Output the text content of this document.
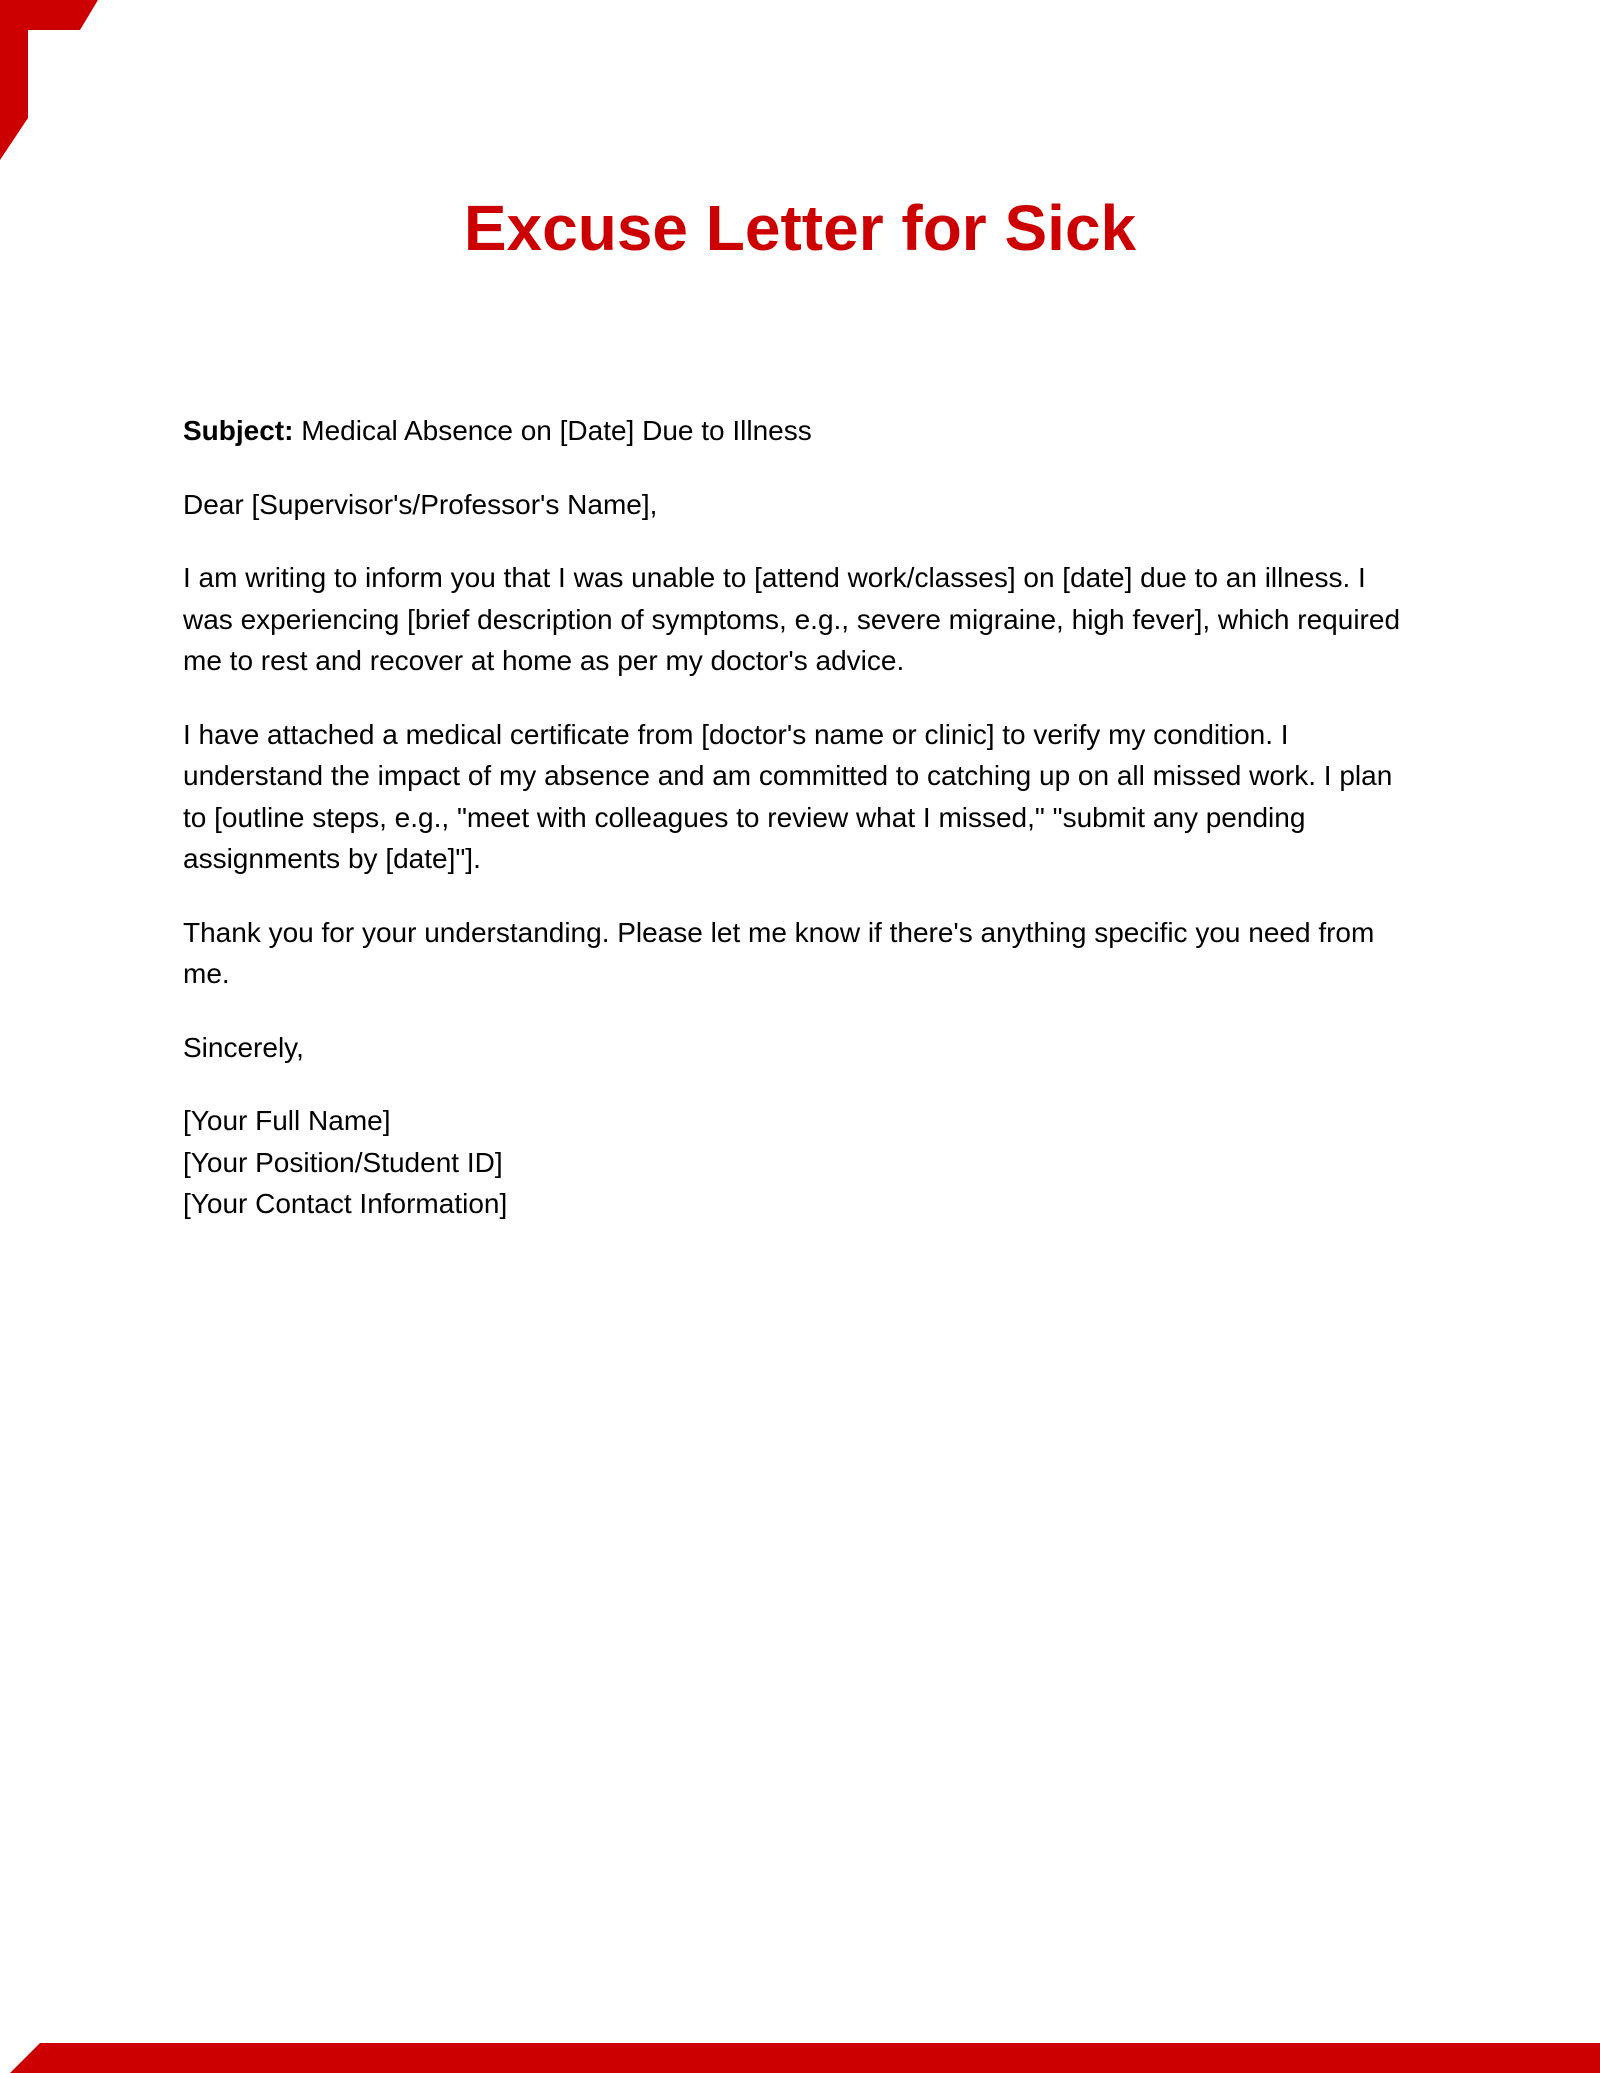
Excuse Letter for Sick

Subject: Medical Absence on [Date] Due to Illness

Dear [Supervisor's/Professor's Name],

I am writing to inform you that I was unable to [attend work/classes] on [date] due to an illness. I was experiencing [brief description of symptoms, e.g., severe migraine, high fever], which required me to rest and recover at home as per my doctor's advice.

I have attached a medical certificate from [doctor's name or clinic] to verify my condition. I understand the impact of my absence and am committed to catching up on all missed work. I plan to [outline steps, e.g., "meet with colleagues to review what I missed," "submit any pending assignments by [date]"].

Thank you for your understanding. Please let me know if there's anything specific you need from me.

Sincerely,

[Your Full Name]

[Your Position/Student ID]

[Your Contact Information]
